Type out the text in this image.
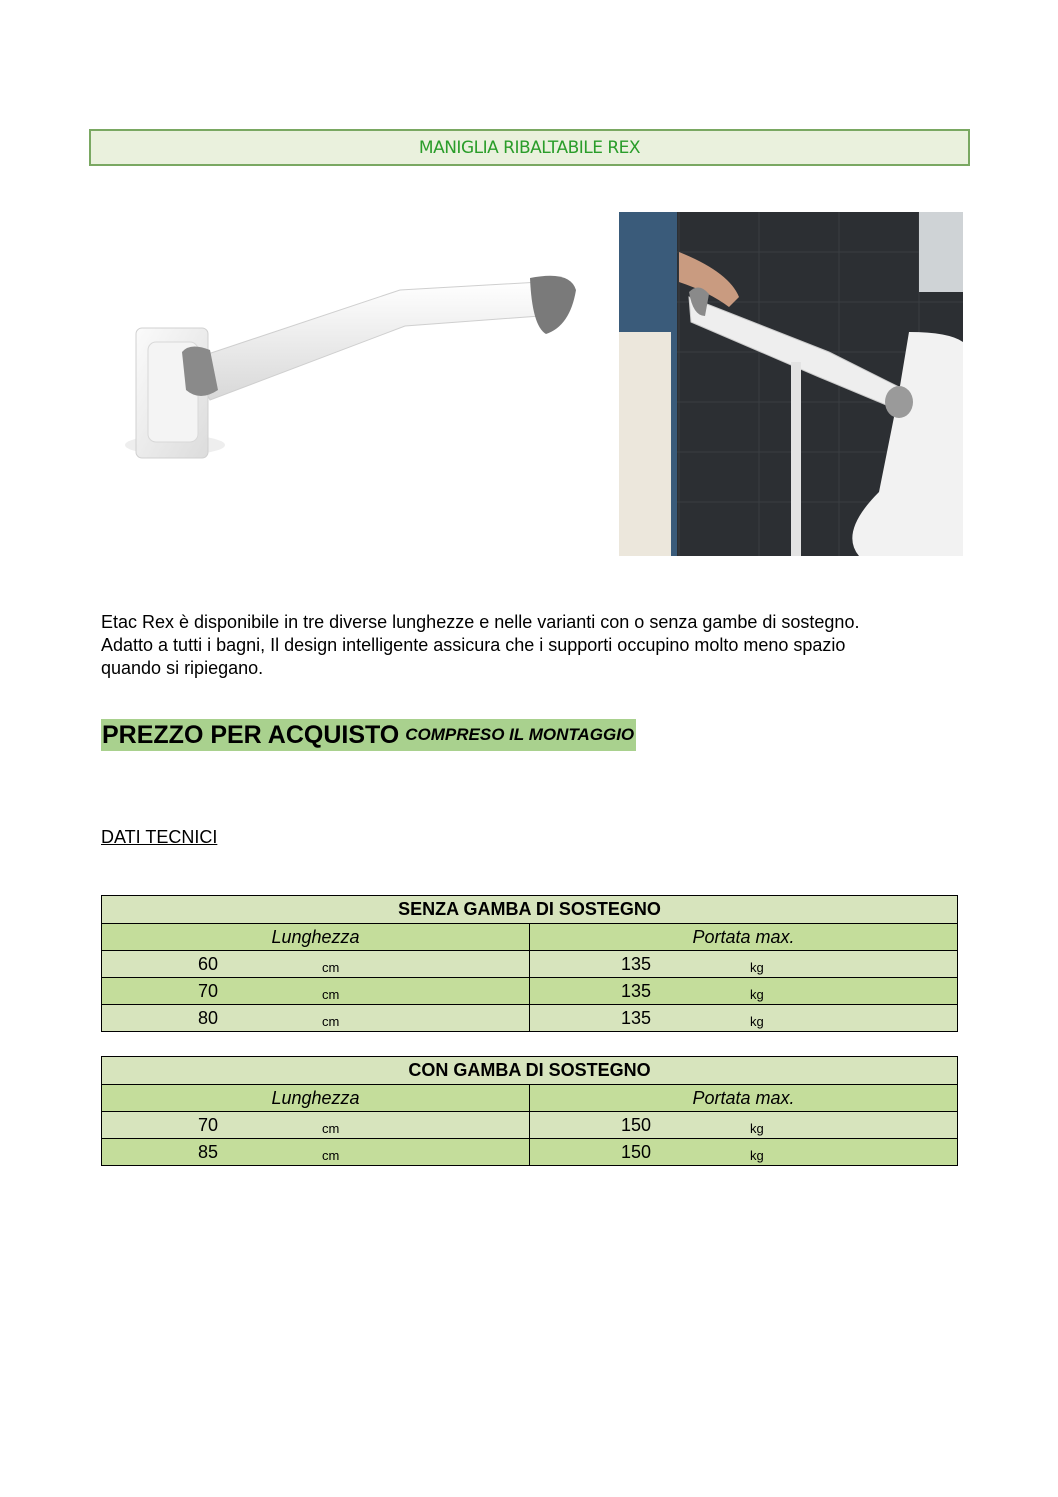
MANIGLIA RIBALTABILE REX
Etac Rex è disponibile in tre diverse lunghezze e nelle varianti con o senza gambe di sostegno.
Adatto a tutti i bagni, Il design intelligente assicura che i supporti occupino molto meno spazio
quando si ripiegano.
PREZZO PER ACQUISTO COMPRESO IL MONTAGGIO
DATI TECNICI
SENZA GAMBA DI SOSTEGNO	
Lunghezza	Portata max.

60 cm	135 kg

70 cm	135 kg

80 cm	135 kg
CON GAMBA DI SOSTEGNO	
Lunghezza	Portata max.

70 cm	150 kg

85 cm	150 kg
